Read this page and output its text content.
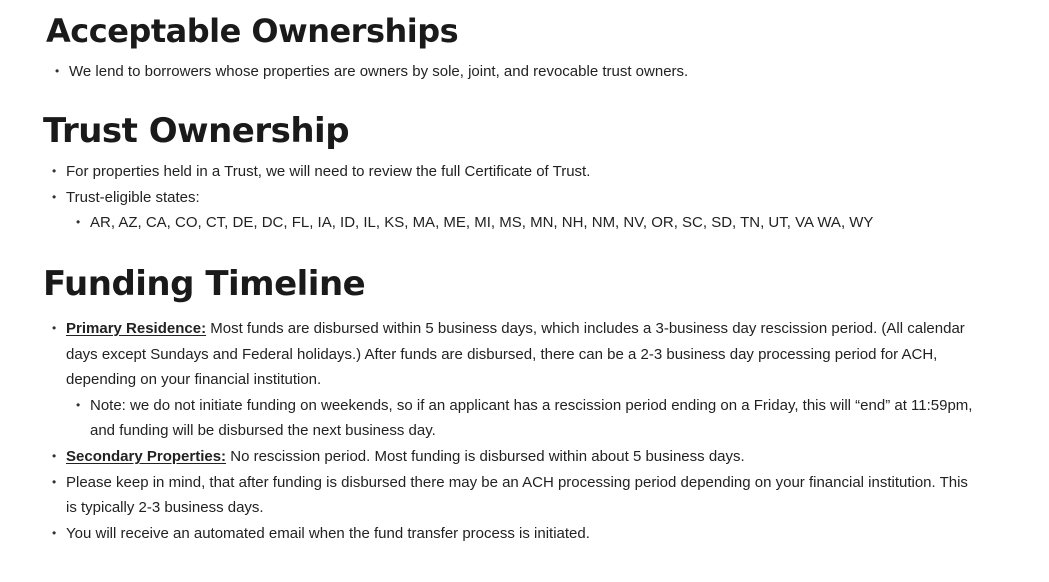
Acceptable Ownerships
• We lend to borrowers whose properties are owners by sole, joint, and revocable trust owners.
Trust Ownership
• For properties held in a Trust, we will need to review the full Certificate of Trust.
• Trust-eligible states:
• AR, AZ, CA, CO, CT, DE, DC, FL, IA, ID, IL, KS, MA, ME, MI, MS, MN, NH, NM, NV, OR, SC, SD, TN, UT, VA WA, WY
Funding Timeline
• Primary Residence: Most funds are disbursed within 5 business days, which includes a 3-business day rescission period. (All calendar days except Sundays and Federal holidays.) After funds are disbursed, there can be a 2-3 business day processing period for ACH, depending on your financial institution.
• Note: we do not initiate funding on weekends, so if an applicant has a rescission period ending on a Friday, this will “end” at 11:59pm, and funding will be disbursed the next business day.
• Secondary Properties: No rescission period. Most funding is disbursed within about 5 business days.
• Please keep in mind, that after funding is disbursed there may be an ACH processing period depending on your financial institution. This is typically 2-3 business days.
• You will receive an automated email when the fund transfer process is initiated.
